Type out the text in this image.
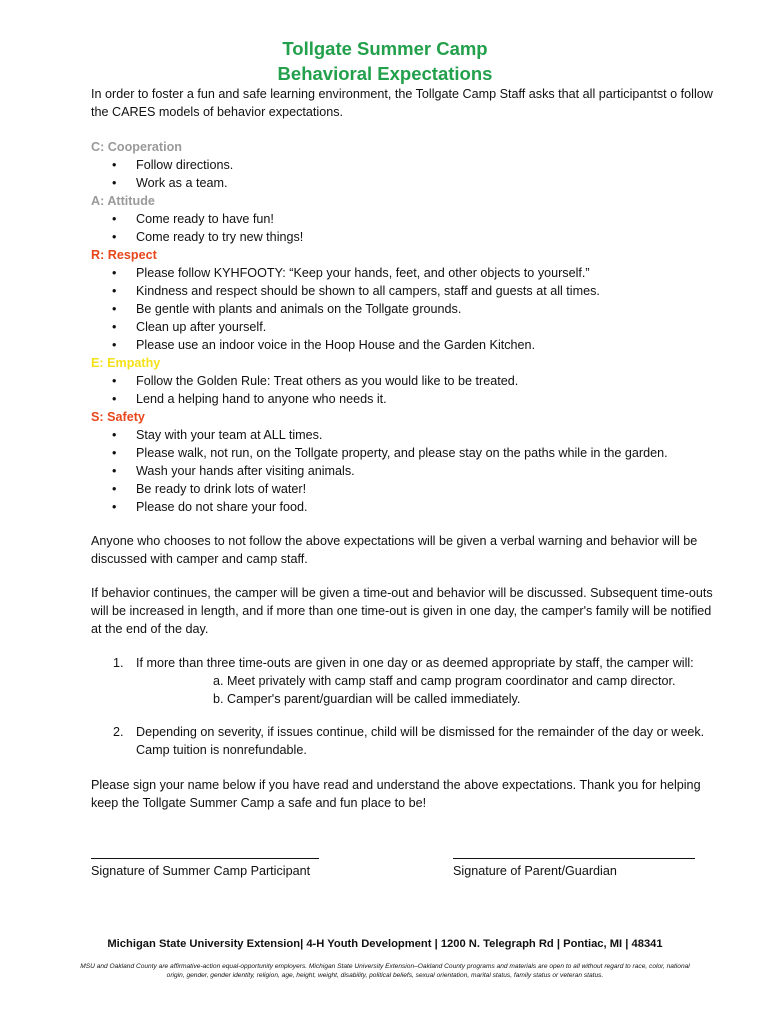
Tollgate Summer Camp
Behavioral Expectations
In order to foster a fun and safe learning environment, the Tollgate Camp Staff asks that all participantst o follow the CARES models of behavior expectations.
C: Cooperation
• Follow directions.
• Work as a team.
A: Attitude
• Come ready to have fun!
• Come ready to try new things!
R: Respect
• Please follow KYHFOOTY: “Keep your hands, feet, and other objects to yourself.”
• Kindness and respect should be shown to all campers, staff and guests at all times.
• Be gentle with plants and animals on the Tollgate grounds.
• Clean up after yourself.
• Please use an indoor voice in the Hoop House and the Garden Kitchen.
E: Empathy
• Follow the Golden Rule: Treat others as you would like to be treated.
• Lend a helping hand to anyone who needs it.
S: Safety
• Stay with your team at ALL times.
• Please walk, not run, on the Tollgate property, and please stay on the paths while in the garden.
• Wash your hands after visiting animals.
• Be ready to drink lots of water!
• Please do not share your food.
Anyone who chooses to not follow the above expectations will be given a verbal warning and behavior will be discussed with camper and camp staff.
If behavior continues, the camper will be given a time-out and behavior will be discussed. Subsequent time-outs will be increased in length, and if more than one time-out is given in one day, the camper's family will be notified at the end of the day.
1. If more than three time-outs are given in one day or as deemed appropriate by staff, the camper will:
a. Meet privately with camp staff and camp program coordinator and camp director.
b. Camper's parent/guardian will be called immediately.
2. Depending on severity, if issues continue, child will be dismissed for the remainder of the day or week. Camp tuition is nonrefundable.
Please sign your name below if you have read and understand the above expectations. Thank you for helping keep the Tollgate Summer Camp a safe and fun place to be!
Signature of Summer Camp Participant	Signature of Parent/Guardian
Michigan State University Extension| 4-H Youth Development | 1200 N. Telegraph Rd | Pontiac, MI | 48341
MSU and Oakland County are affirmative-action equal-opportunity employers. Michigan State University Extension–Oakland County programs and materials are open to all without regard to race, color, national origin, gender, gender identity, religion, age, height, weight, disability, political beliefs, sexual orientation, marital status, family status or veteran status.
